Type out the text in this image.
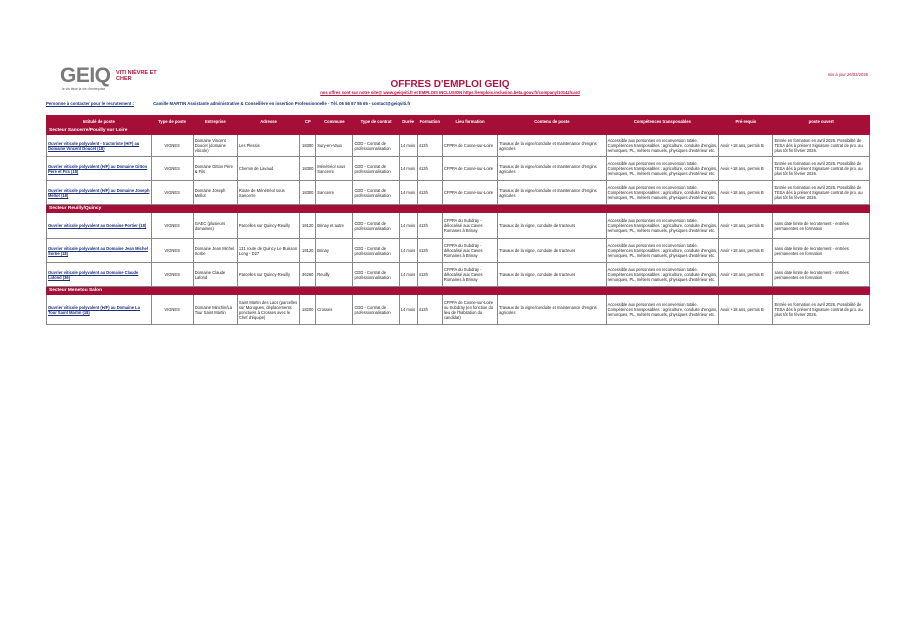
GEIQ VITI NIÈVRE ET CHER
le vin tisse la vie d'entreprise
mis à jour 26/03/2026
OFFRES D'EMPLOI GEIQ
nos offres sont sur notre site@ www.geiqviti.fr et EMPLOIS INCLUSION https://emplois.inclusion.beta.gouv.fr/company/10142/card
Personne à contacter pour le recrutement :	Camille MARTIN Assistante administrative & Conseillère en insertion Professionnelle - Tél. 06 56 67 55 65 - contact@geiqviti.fr
Intitulé de poste	Type de poste	Entreprise	Adresse	CP	Commune	Type de contrat	Durée	Formation	Lieu formation	Contenu de poste	Compétences transposables	Pré-requis	poste ouvert
Secteur Sancerre/Pouilly sur Loire													
Ouvrier viticole polyvalent - tractoriste (H/F) au Domaine Vincent Doucet (18)	VIGNES	Domaine Vincent Doucet (domaine viticole)	Les Plessis	18300	Sury-en-Vaux	CDD - Contrat de professionnalisation	14 mois	413h	CFPPA de Cosne-sur-Loire	Travaux de la vigne/conduite et maintenance d'engins agricoles	Accessible aux personnes en reconversion totale. Compétences transposables : agriculture, conduite d'engins, remorques, PL, métiers manuels, physiques d'extérieur etc.	Avoir +18 ans, permis B	Entrée en formation en avril 2026. Possibilité de TESA dès à présent Signature contrat de pro. au plus tôt fin février 2026.
Ouvrier viticole polyvalent (H/F) au Domaine Gitton Père et Fils (18)	VIGNES	Domaine Gitton Père & Fils	Chemin de Lavaud	18300	Ménétréol sous Sancerre	CDD - Contrat de professionnalisation	14 mois	413h	CFPPA de Cosne-sur-Loire	Travaux de la vigne/conduite et maintenance d'engins agricoles	Accessible aux personnes en reconversion totale. Compétences transposables : agriculture, conduite d'engins, remorques, PL, métiers manuels, physiques d'extérieur etc.	Avoir +18 ans, permis B	Entrée en formation en avril 2026. Possibilité de TESA dès à présent Signature contrat de pro. au plus tôt fin février 2026.
Ouvrier viticole polyvalent (H/F) au Domaine Joseph Mellot (18)	VIGNES	Domaine Joseph Mellot	Route de Ménétréol sous Sancerre	18300	Sancerre	CDD - Contrat de professionnalisation	14 mois	413h	CFPPA de Cosne-sur-Loire	Travaux de la vigne/conduite et maintenance d'engins agricoles	Accessible aux personnes en reconversion totale. Compétences transposables : agriculture, conduite d'engins, remorques, PL, métiers manuels, physiques d'extérieur etc.	Avoir +18 ans, permis B	Entrée en formation en avril 2026. Possibilité de TESA dès à présent Signature contrat de pro. au plus tôt fin février 2026.
Secteur Reuilly/Quincy													
Ouvrier viticole polyvalent au Domaine Portier (18)	VIGNES	GAEC (plusieurs domaines)	Parcelles sur Quincy-Reuilly	18120	Brinay et autre	CDD - Contrat de professionnalisation	14 mois	413h	CFPPA du Subdray - délocalisé aux Caves Romanes à Brinay	Travaux de la vigne, conduite de tracteurs	Accessible aux personnes en reconversion totale. Compétences transposables : agriculture, conduite d'engins, remorques, PL, métiers manuels, physiques d'extérieur etc.	Avoir +18 ans, permis B	sans date limite de recrutement - entrées permanentes en formation
Ouvrier viticole polyvalent au Domaine Jean Michel Sorbe (18)	VIGNES	Domaine Jean Michel Sorbe	131 route de Quincy Le Buisson Long - D27	18120	Brinay	CDD - Contrat de professionnalisation	14 mois	413h	CFPPA du Subdray - délocalisé aux Caves Romanes à Brinay	Travaux de la vigne, conduite de tracteurs	Accessible aux personnes en reconversion totale. Compétences transposables : agriculture, conduite d'engins, remorques, PL, métiers manuels, physiques d'extérieur etc.	Avoir +18 ans, permis B	sans date limite de recrutement - entrées permanentes en formation
Ouvrier viticole polyvalent au Domaine Claude Lafond (36)	VIGNES	Domaine Claude Lafond	Parcelles sur Quincy-Reuilly	36260	Reuilly	CDD - Contrat de professionnalisation	14 mois	413h	CFPPA du Subdray - délocalisé aux Caves Romanes à Brinay	Travaux de la vigne, conduite de tracteurs	Accessible aux personnes en reconversion totale. Compétences transposables : agriculture, conduite d'engins, remorques, PL, métiers manuels, physiques d'extérieur etc.	Avoir +18 ans, permis B	sans date limite de recrutement - entrées permanentes en formation
Secteur Menetou Salon													
Ouvrier viticole polyvalent (H/F) au Domaine La Tour Saint Martin (18)	VIGNES	Domaine Minchin/La Tour Saint Martin	Saint Martin des Lacs (parcelles sur Morogues, déplacements ponctuels à Crosses avec le Chef d'équipe)	18200	Crosses	CDD - Contrat de professionnalisation	14 mois	413h	CFPPA de Cosne-sur-Loire ou Subdray (en fonction du lieu de l'habitation du candidat)	Travaux de la vigne/conduite et maintenance d'engins agricoles	Accessible aux personnes en reconversion totale. Compétences transposables : agriculture, conduite d'engins, remorques, PL, métiers manuels, physiques d'extérieur etc.	Avoir +18 ans, permis B	Entrée en formation en avril 2026. Possibilité de TESA dès à présent Signature contrat de pro. au plus tôt fin février 2026.
